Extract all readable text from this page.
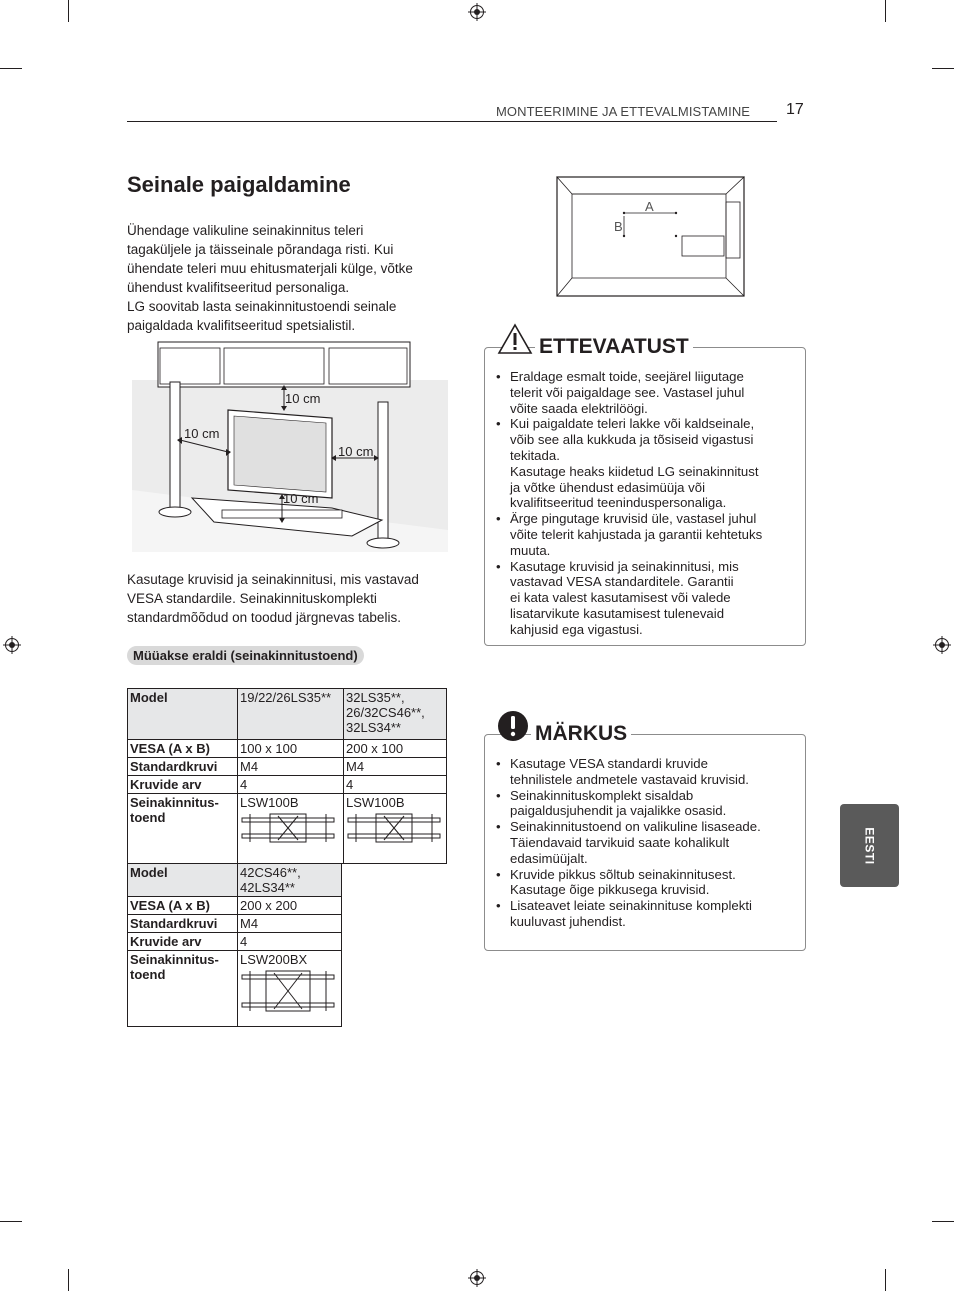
MONTEERIMINE JA ETTEVALMISTAMINE 17
Seinale paigaldamine
Ühendage valikuline seinakinnitus teleri
tagaküljele ja täisseinale põrandaga risti. Kui
ühendate teleri muu ehitusmaterjali külge, võtke
ühendust kvalifitseeritud personaliga.
LG soovitab lasta seinakinnitustoendi seinale
paigaldada kvalifitseeritud spetsialistil.
10 cm
10 cm
10 cm
10 cm
Kasutage kruvisid ja seinakinnitusi, mis vastavad
VESA standardile. Seinakinnituskomplekti
standardmõõdud on toodud järgnevas tabelis.
Müüakse eraldi (seinakinnitustoend)
Model	19/22/26LS35**	32LS35**,
26/32CS46**,
32LS34**
VESA (A x B)	100 x 100	200 x 100
Standardkruvi	M4	M4
Kruvide arv	4	4
Seinakinnitus-
toend	LSW100B	LSW100B
Model	42CS46**,
42LS34**
VESA (A x B)	200 x 200
Standardkruvi	M4
Kruvide arv	4
Seinakinnitus-
toend	LSW200BX
A
B
ETTEVAATUST
• Eraldage esmalt toide, seejärel liigutage
telerit või paigaldage see. Vastasel juhul
võite saada elektrilöögi.
• Kui paigaldate teleri lakke või kaldseinale,
võib see alla kukkuda ja tõsiseid vigastusi
tekitada.
Kasutage heaks kiidetud LG seinakinnitust
ja võtke ühendust edasimüüja või
kvalifitseeritud teeninduspersonaliga.
• Ärge pingutage kruvisid üle, vastasel juhul
võite telerit kahjustada ja garantii kehtetuks
muuta.
• Kasutage kruvisid ja seinakinnitusi, mis
vastavad VESA standarditele. Garantii
ei kata valest kasutamisest või valede
lisatarvikute kasutamisest tulenevaid
kahjusid ega vigastusi.
MÄRKUS
• Kasutage VESA standardi kruvide
tehnilistele andmetele vastavaid kruvisid.
• Seinakinnituskomplekt sisaldab
paigaldusjuhendit ja vajalikke osasid.
• Seinakinnitustoend on valikuline lisaseade.
Täiendavaid tarvikuid saate kohalikult
edasimüüjalt.
• Kruvide pikkus sõltub seinakinnitusest.
Kasutage õige pikkusega kruvisid.
• Lisateavet leiate seinakinnituse komplekti
kuuluvast juhendist.
EESTI
